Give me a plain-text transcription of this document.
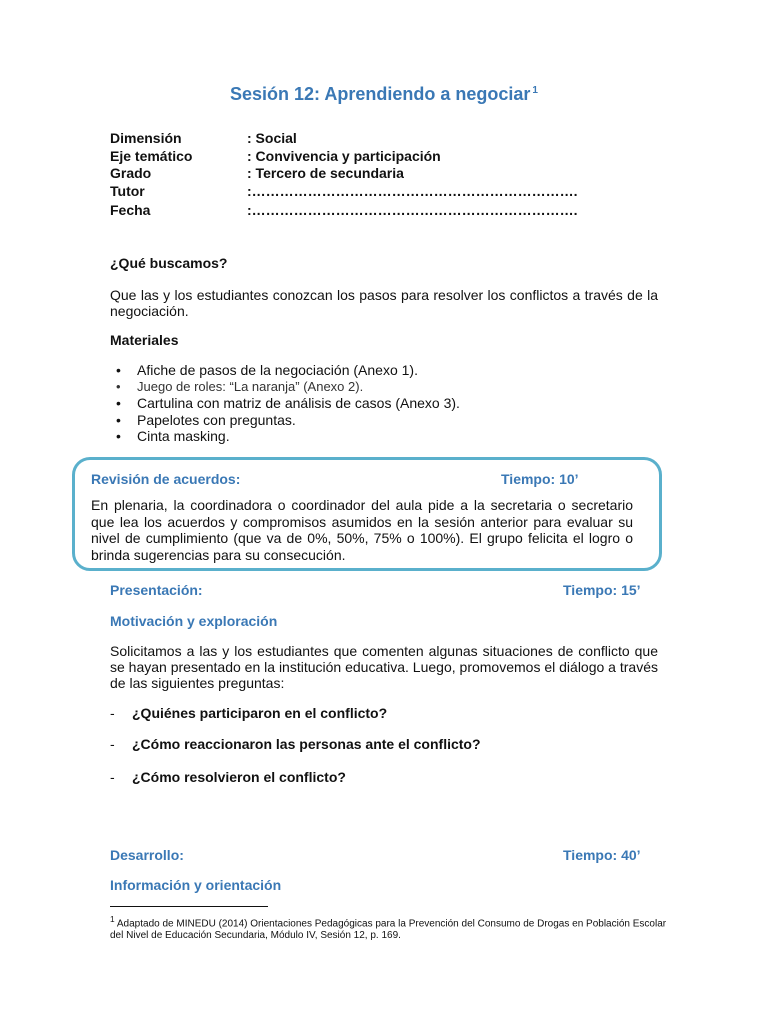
Sesión 12: Aprendiendo a negociar $^1$
Dimensión	: Social
Eje temático	: Convivencia y participación
Grado	: Tercero de secundaria
Tutor	:…………………………………………………………….
Fecha	:…………………………………………………………….
¿Qué buscamos?
Que las y los estudiantes conozcan los pasos para resolver los conflictos a través de la negociación.
Materiales
• Afiche de pasos de la negociación (Anexo 1).
• Juego de roles: “La naranja” (Anexo 2).
• Cartulina con matriz de análisis de casos (Anexo 3).
• Papelotes con preguntas.
• Cinta masking.
Revisión de acuerdos:	Tiempo: 10’
En plenaria, la coordinadora o coordinador del aula pide a la secretaria o secretario que lea los acuerdos y compromisos asumidos en la sesión anterior para evaluar su nivel de cumplimiento (que va de 0%, 50%, 75% o 100%). El grupo felicita el logro o brinda sugerencias para su consecución.
Presentación:	Tiempo: 15’
Motivación y exploración
Solicitamos a las y los estudiantes que comenten algunas situaciones de conflicto que se hayan presentado en la institución educativa. Luego, promovemos el diálogo a través de las siguientes preguntas:
- ¿Quiénes participaron en el conflicto?
- ¿Cómo reaccionaron las personas ante el conflicto?
- ¿Cómo resolvieron el conflicto?
Desarrollo:	Tiempo: 40’
Información y orientación
$^1$ Adaptado de MINEDU (2014) Orientaciones Pedagógicas para la Prevención del Consumo de Drogas en Población Escolar del Nivel de Educación Secundaria, Módulo IV, Sesión 12, p. 169.
